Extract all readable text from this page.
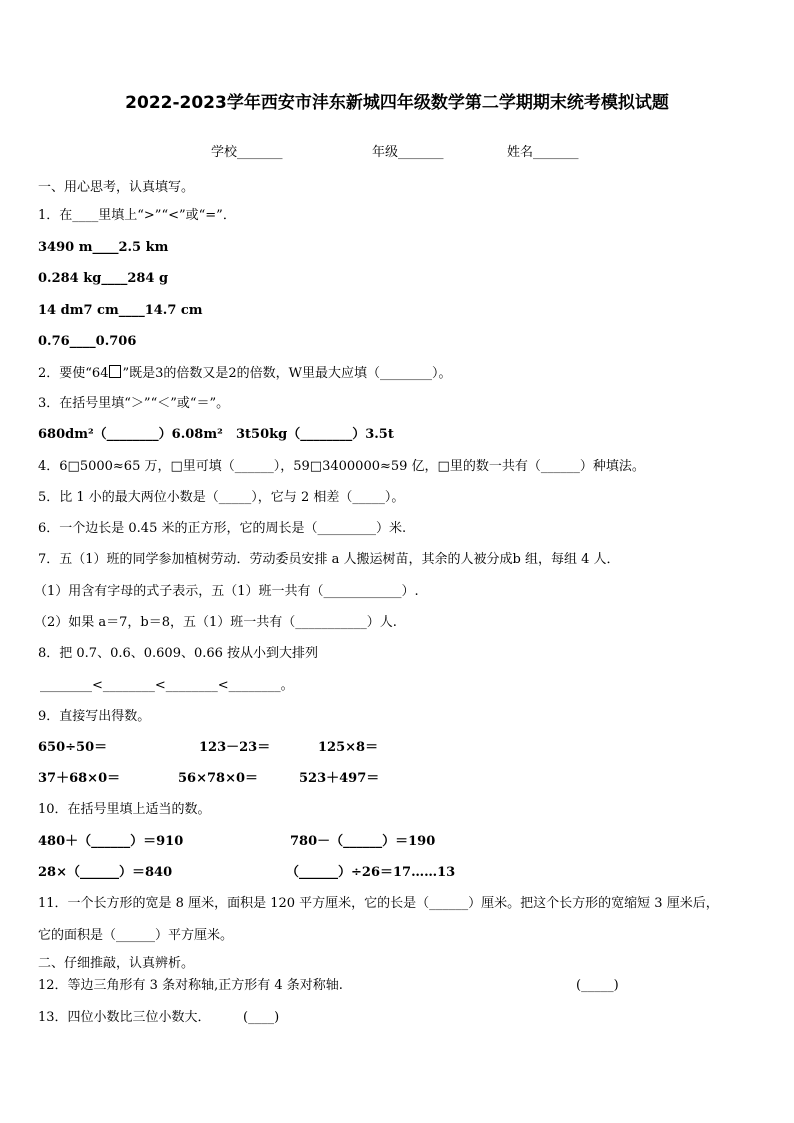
2022-2023学年西安市沣东新城四年级数学第二学期期末统考模拟试题
学校_______	年级_______	姓名_______
一、用心思考，认真填写。
1．在____里填上“>”“<”或“=”．
3490 m____2.5 km
0.284 kg____284 g
14 dm7 cm____14.7 cm
0.76____0.706
2．要使“64 ”既是3的倍数又是2的倍数，W里最大应填（________）。
3．在括号里填“＞”“＜”或“＝”。
680dm²（________）6.08m² 3t50kg（________）3.5t
4．6□5000≈65 万，□里可填（______），59□3400000≈59 亿，□里的数一共有（______）种填法。
5．比 1 小的最大两位小数是（_____），它与 2 相差（_____）。
6．一个边长是 0.45 米的正方形，它的周长是（_________）米.
7．五（1）班的同学参加植树劳动．劳动委员安排 a 人搬运树苗，其余的人被分成b 组，每组 4 人．
（1）用含有字母的式子表示，五（1）班一共有（____________）.
（2）如果 a＝7，b＝8，五（1）班一共有（___________）人.
8．把 0.7、0.6、0.609、0.66 按从小到大排列
________<________<________<________。
9．直接写出得数。
650÷50＝	123－23＝	125×8＝
37＋68×0＝	56×78×0＝	523＋497＝
10．在括号里填上适当的数。
480＋（______）＝910	780－（______）＝190
28×（______）＝840	（______）÷26＝17……13
11．一个长方形的宽是 8 厘米，面积是 120 平方厘米，它的长是（______）厘米。把这个长方形的宽缩短 3 厘米后，
它的面积是（______）平方厘米。
二、仔细推敲，认真辨析。
12．等边三角形有 3 条对称轴,正方形有 4 条对称轴.	(_____)
13．四位小数比三位小数大． (____)
